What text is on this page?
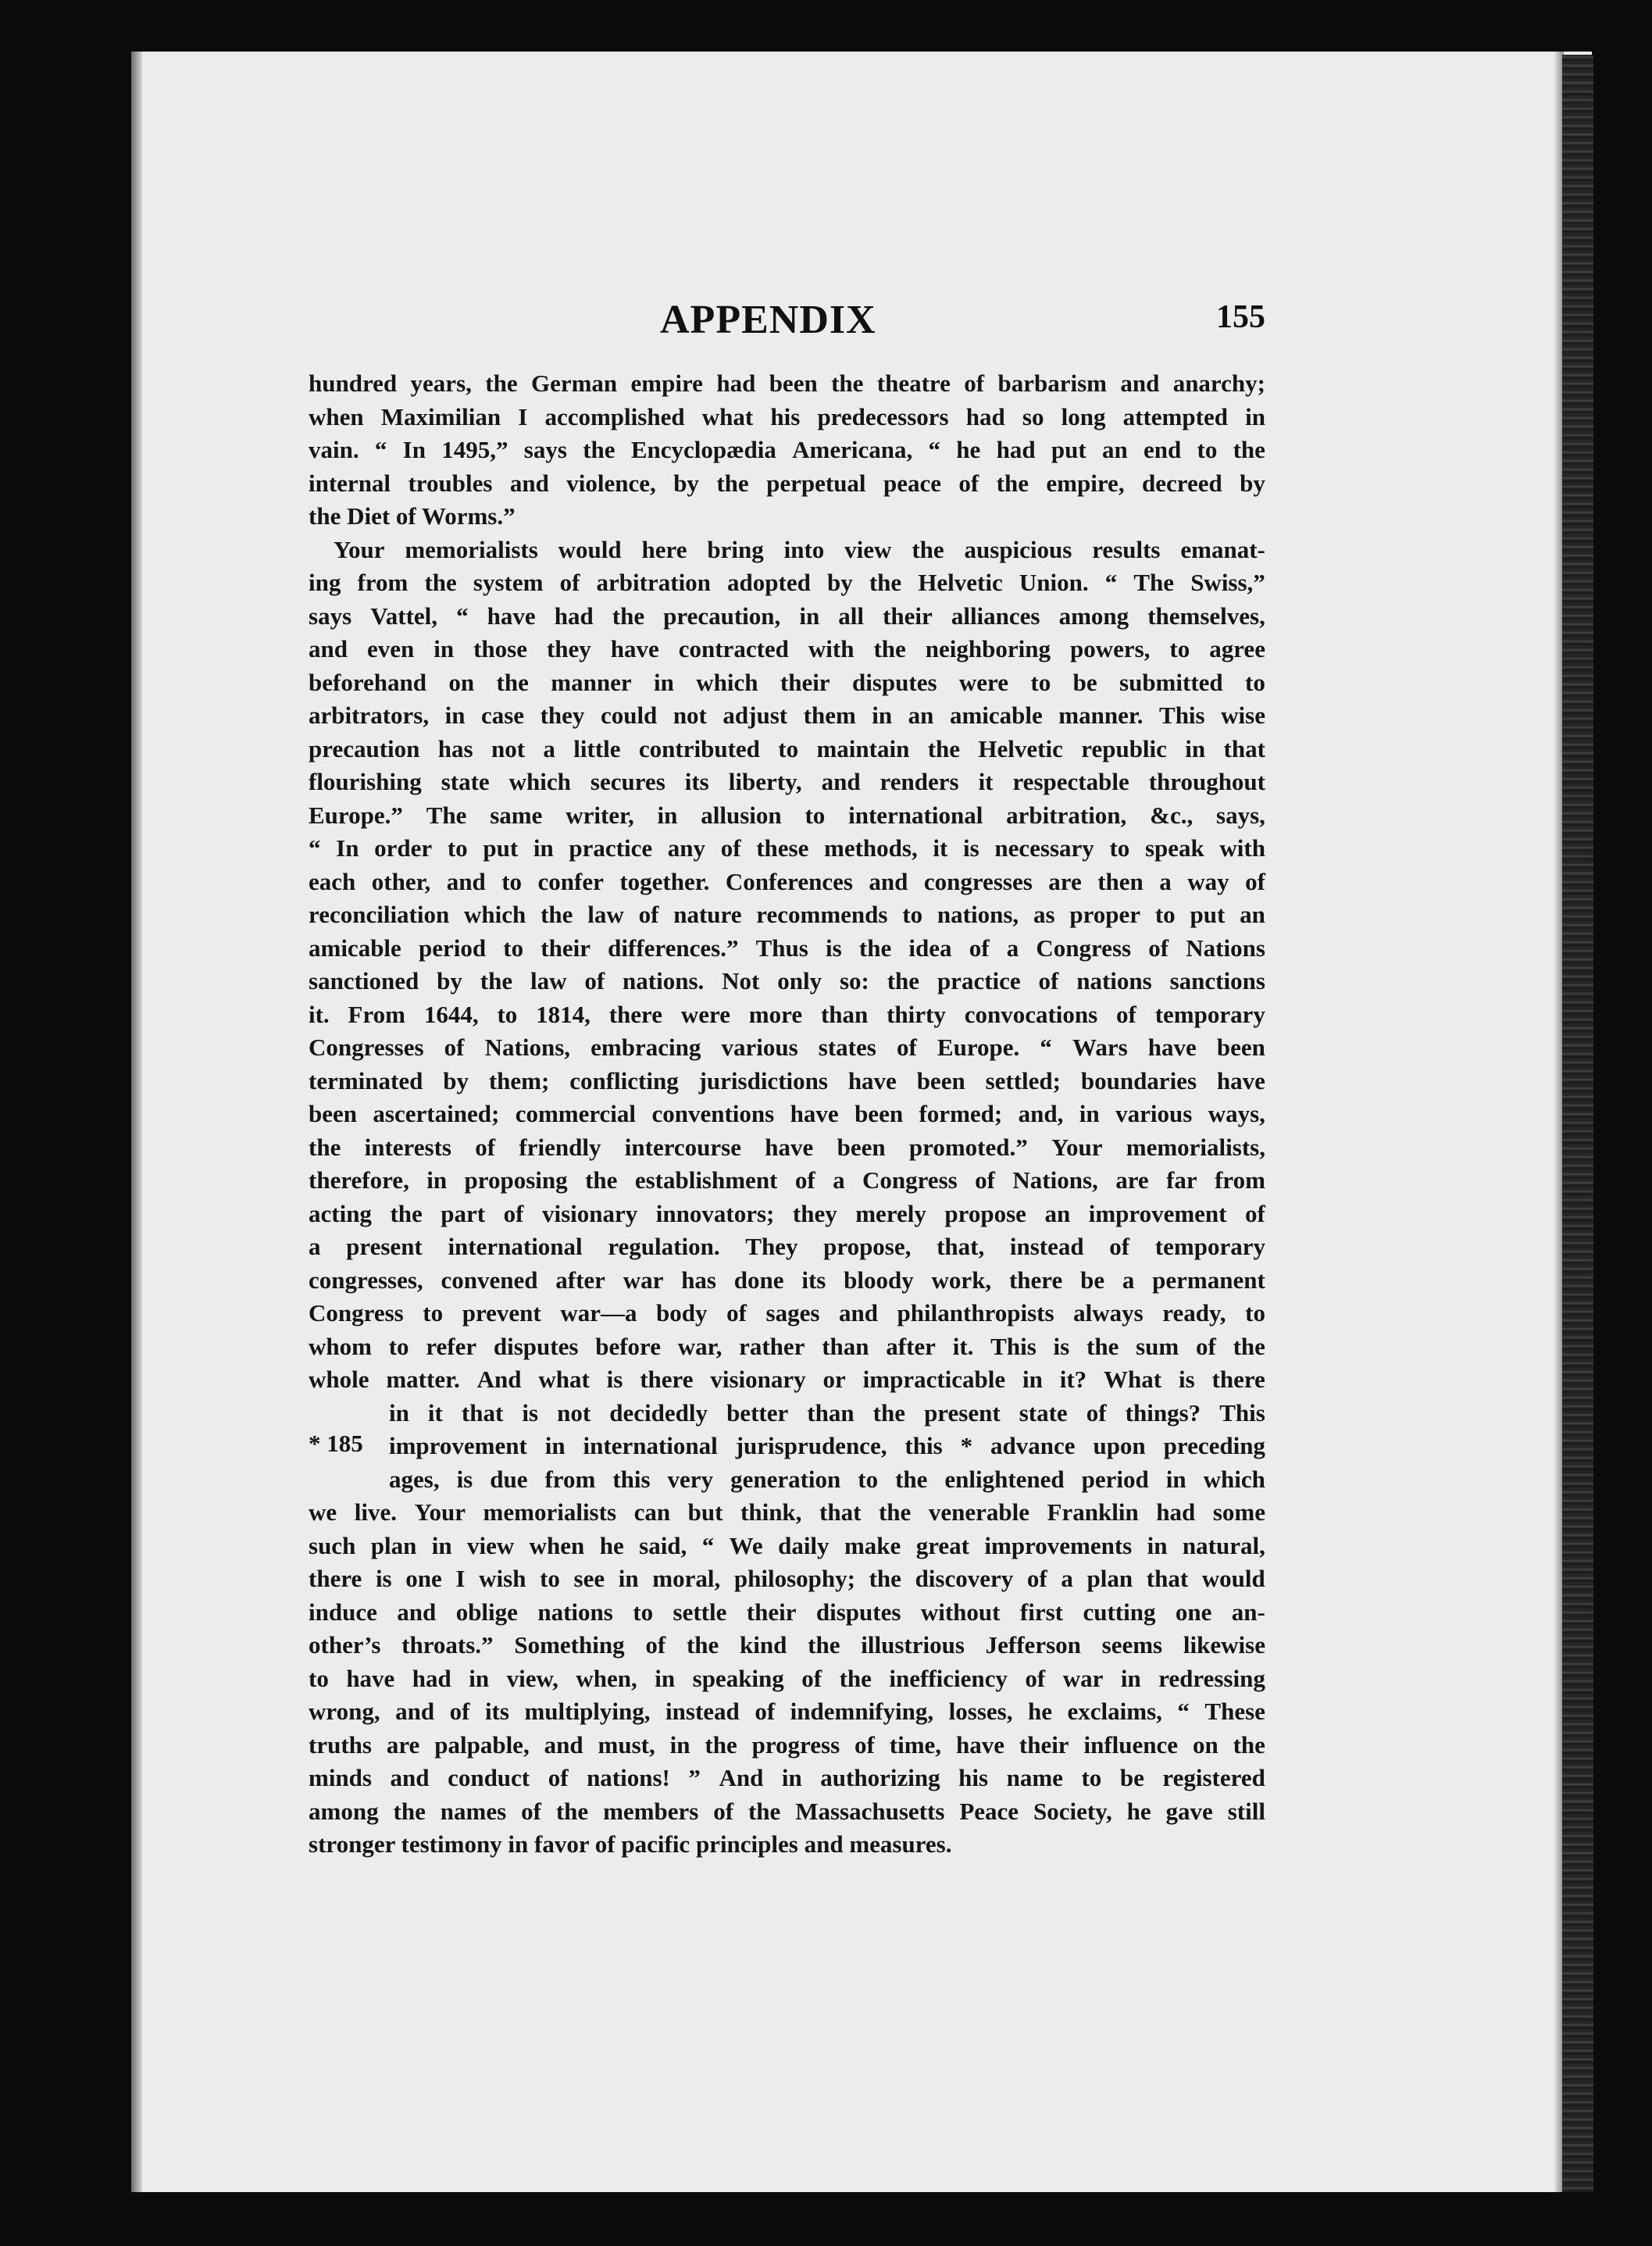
APPENDIX	155
hundred years, the German empire had been the theatre of barbarism and anarchy;
when Maximilian I accomplished what his predecessors had so long attempted in
vain. “ In 1495,” says the Encyclopædia Americana, “ he had put an end to the
internal troubles and violence, by the perpetual peace of the empire, decreed by
the Diet of Worms.”
Your memorialists would here bring into view the auspicious results emanat-
ing from the system of arbitration adopted by the Helvetic Union. “ The Swiss,”
says Vattel, “ have had the precaution, in all their alliances among themselves,
and even in those they have contracted with the neighboring powers, to agree
beforehand on the manner in which their disputes were to be submitted to
arbitrators, in case they could not adjust them in an amicable manner. This wise
precaution has not a little contributed to maintain the Helvetic republic in that
flourishing state which secures its liberty, and renders it respectable throughout
Europe.” The same writer, in allusion to international arbitration, &c., says,
“ In order to put in practice any of these methods, it is necessary to speak with
each other, and to confer together. Conferences and congresses are then a way of
reconciliation which the law of nature recommends to nations, as proper to put an
amicable period to their differences.” Thus is the idea of a Congress of Nations
sanctioned by the law of nations. Not only so: the practice of nations sanctions
it. From 1644, to 1814, there were more than thirty convocations of temporary
Congresses of Nations, embracing various states of Europe. “ Wars have been
terminated by them; conflicting jurisdictions have been settled; boundaries have
been ascertained; commercial conventions have been formed; and, in various ways,
the interests of friendly intercourse have been promoted.” Your memorialists,
therefore, in proposing the establishment of a Congress of Nations, are far from
acting the part of visionary innovators; they merely propose an improvement of
a present international regulation. They propose, that, instead of temporary
congresses, convened after war has done its bloody work, there be a permanent
Congress to prevent war—a body of sages and philanthropists always ready, to
whom to refer disputes before war, rather than after it. This is the sum of the
whole matter. And what is there visionary or impracticable in it? What is there
in it that is not decidedly better than the present state of things? This
improvement in international jurisprudence, this * advance upon preceding
ages, is due from this very generation to the enlightened period in which
we live. Your memorialists can but think, that the venerable Franklin had some
such plan in view when he said, “ We daily make great improvements in natural,
there is one I wish to see in moral, philosophy; the discovery of a plan that would
induce and oblige nations to settle their disputes without first cutting one an-
other’s throats.” Something of the kind the illustrious Jefferson seems likewise
to have had in view, when, in speaking of the inefficiency of war in redressing
wrong, and of its multiplying, instead of indemnifying, losses, he exclaims, “ These
truths are palpable, and must, in the progress of time, have their influence on the
minds and conduct of nations! ” And in authorizing his name to be registered
among the names of the members of the Massachusetts Peace Society, he gave still
stronger testimony in favor of pacific principles and measures.
* 185
